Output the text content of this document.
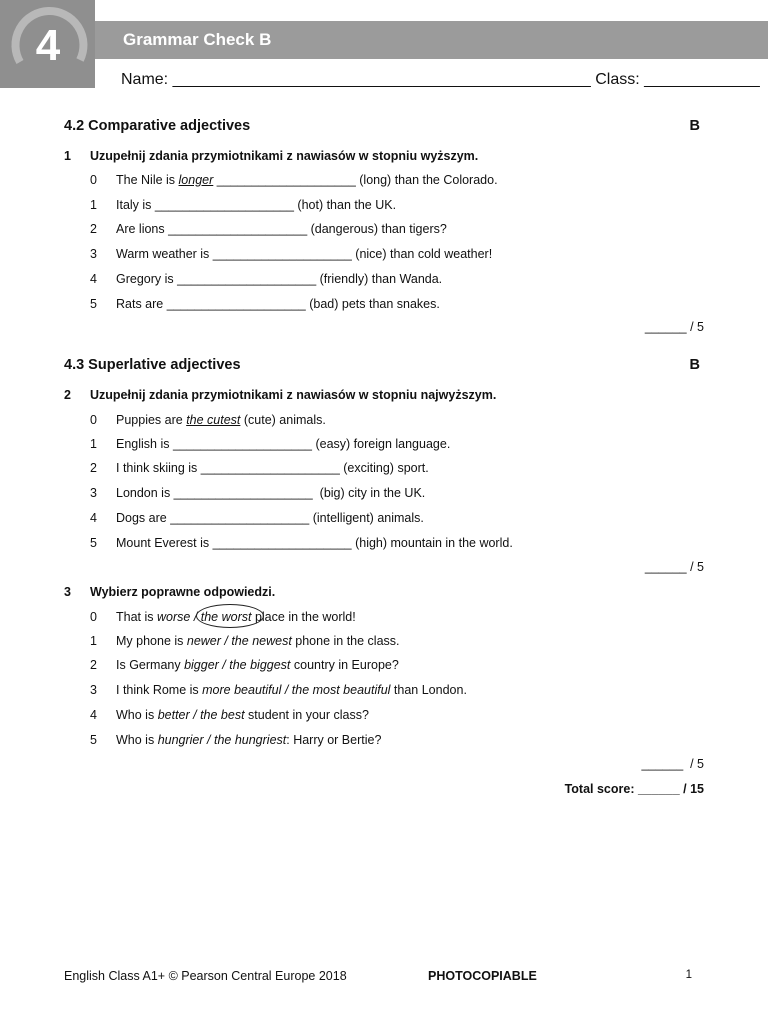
4	Grammar Check B
Name: _______________________________________________ Class: _____________
4.2 Comparative adjectives	B
1 Uzupełnij zdania przymiotnikami z nawiasów w stopniu wyższym.

0

The Nile is longer ____________________ (long) than the Colorado.

1

Italy is ____________________ (hot) than the UK.

2

Are lions ____________________ (dangerous) than tigers?

3

Warm weather is ____________________ (nice) than cold weather!

4

Gregory is ____________________ (friendly) than Wanda.

5

Rats are ____________________ (bad) pets than snakes.

______ / 5
4.3 Superlative adjectives	B
2 Uzupełnij zdania przymiotnikami z nawiasów w stopniu najwyższym.

0

Puppies are the cutest (cute) animals.

1

English is ____________________ (easy) foreign language.

2

I think skiing is ____________________ (exciting) sport.

3

London is ____________________  (big) city in the UK.

4

Dogs are ____________________ (intelligent) animals.

5

Mount Everest is ____________________ (high) mountain in the world.

______ / 5
3 Wybierz poprawne odpowiedzi.

0

That is worse / the worst place in the world!

1

My phone is newer / the newest phone in the class.

2

Is Germany bigger / the biggest country in Europe?

3

I think Rome is more beautiful / the most beautiful than London.

4

Who is better / the best student in your class?

5

Who is hungrier / the hungriest: Harry or Bertie?

______  / 5
Total score: ______ / 15
English Class A1+ © Pearson Central Europe 2018	PHOTOCOPIABLE	1
